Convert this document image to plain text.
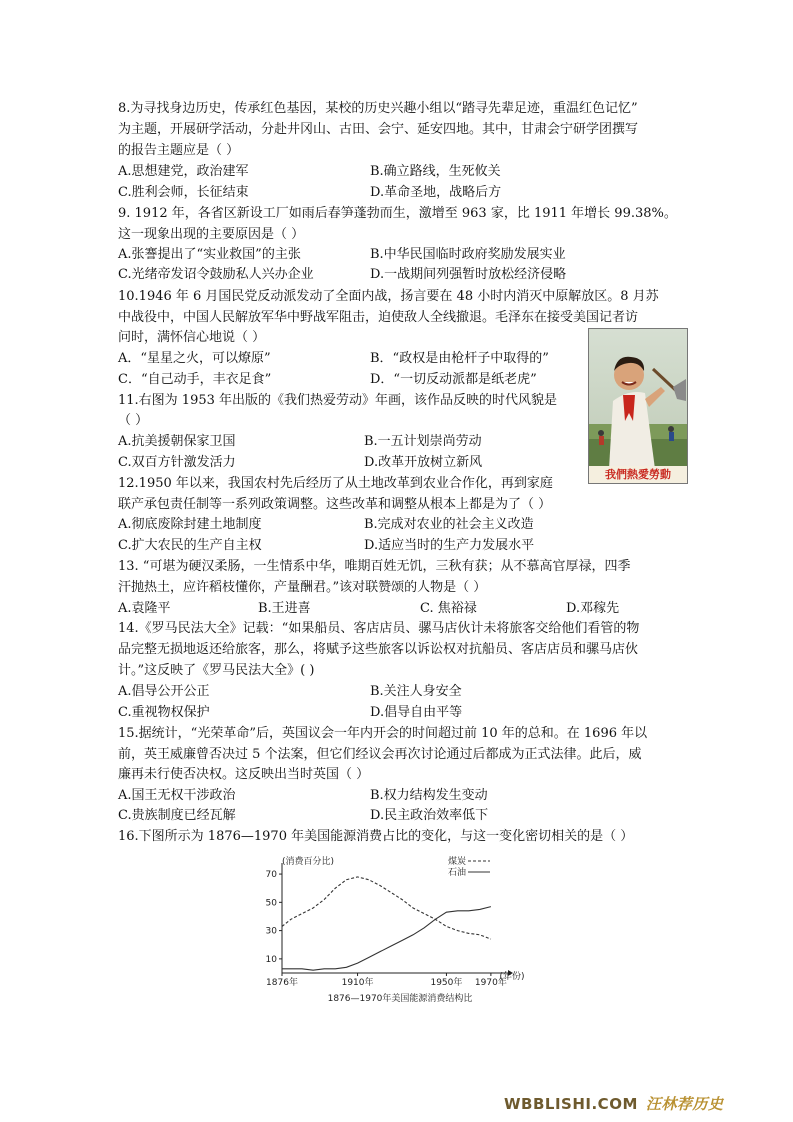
8.为寻找身边历史，传承红色基因，某校的历史兴趣小组以“踏寻先辈足迹，重温红色记忆”
为主题，开展研学活动，分赴井冈山、古田、会宁、延安四地。其中，甘肃会宁研学团撰写
的报告主题应是（ ）
A.思想建党，政治建军	B.确立路线，生死攸关
C.胜利会师，长征结束	D.革命圣地，战略后方
9. 1912 年，各省区新设工厂如雨后春笋蓬勃而生，激增至 963 家，比 1911 年增长 99.38%。
这一现象出现的主要原因是（ ）
A.张謇提出了“实业救国”的主张	B.中华民国临时政府奖励发展实业
C.光绪帝发诏令鼓励私人兴办企业	D.一战期间列强暂时放松经济侵略
10.1946 年 6 月国民党反动派发动了全面内战，扬言要在 48 小时内消灭中原解放区。8 月苏
中战役中，中国人民解放军华中野战军阻击，迫使敌人全线撤退。毛泽东在接受美国记者访
问时，满怀信心地说（ ）
A．“星星之火，可以燎原”	B．“政权是由枪杆子中取得的”
C．“自己动手，丰衣足食”	D．“一切反动派都是纸老虎”
11.右图为 1953 年出版的《我们热爱劳动》年画，该作品反映的时代风貌是
（ ）
A.抗美援朝保家卫国	B.一五计划崇尚劳动
C.双百方针激发活力	D.改革开放树立新风
我們熱愛勞動
12.1950 年以来，我国农村先后经历了从土地改革到农业合作化，再到家庭
联产承包责任制等一系列政策调整。这些改革和调整从根本上都是为了（ ）
A.彻底废除封建土地制度	B.完成对农业的社会主义改造
C.扩大农民的生产自主权	D.适应当时的生产力发展水平
13. “可堪为硬汉柔肠，一生情系中华，唯期百姓无饥，三秋有获；从不慕高官厚禄，四季
汗抛热土，应许稻枝懂你，产量酬君。”该对联赞颂的人物是（ ）
A.袁隆平	B.王进喜	C. 焦裕禄	D.邓稼先
14.《罗马民法大全》记载：“如果船员、客店店员、骡马店伙计未将旅客交给他们看管的物
品完整无损地返还给旅客，那么，将赋予这些旅客以诉讼权对抗船员、客店店员和骡马店伙
计。”这反映了《罗马民法大全》( )
A.倡导公开公正	B.关注人身安全
C.重视物权保护	D.倡导自由平等
15.据统计，“光荣革命”后，英国议会一年内开会的时间超过前 10 年的总和。在 1696 年以
前，英王威廉曾否决过 5 个法案，但它们经议会再次讨论通过后都成为正式法律。此后，威
廉再未行使否决权。这反映出当时英国（ ）
A.国王无权干涉政治	B.权力结构发生变动
C.贵族制度已经瓦解	D.民主政治效率低下
16.下图所示为 1876—1970 年美国能源消费占比的变化，与这一变化密切相关的是（ ）
10
30
50
70
1876年	1910年	1950年 1970年
煤炭
石油
(消费百分比)
(年份)
1876—1970年美国能源消费结构比
WBBLISHI.COM 汪林荐历史
